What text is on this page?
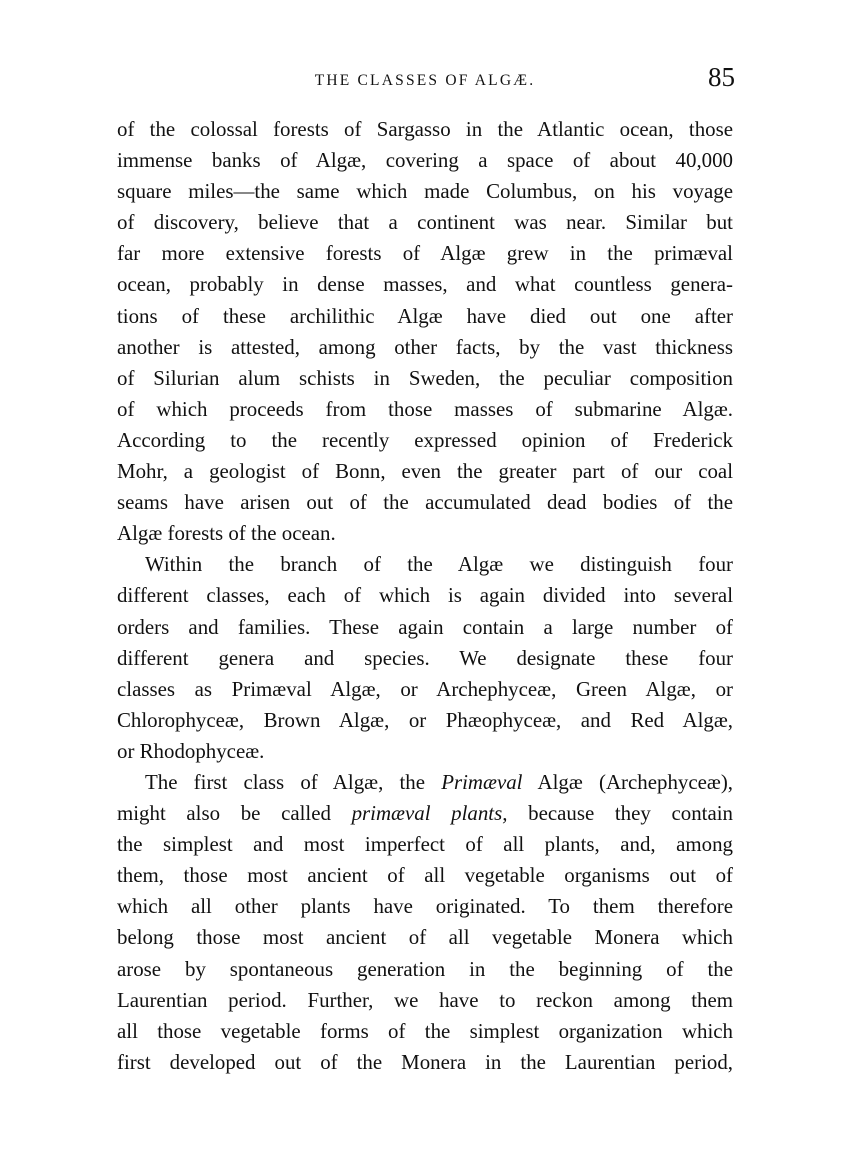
THE CLASSES OF ALGÆ.	85
of the colossal forests of Sargasso in the Atlantic ocean, those
immense banks of Algæ, covering a space of about 40,000
square miles—the same which made Columbus, on his voyage
of discovery, believe that a continent was near. Similar but
far more extensive forests of Algæ grew in the primæval
ocean, probably in dense masses, and what countless genera-
tions of these archilithic Algæ have died out one after
another is attested, among other facts, by the vast thickness
of Silurian alum schists in Sweden, the peculiar composition
of which proceeds from those masses of submarine Algæ.
According to the recently expressed opinion of Frederick
Mohr, a geologist of Bonn, even the greater part of our coal
seams have arisen out of the accumulated dead bodies of the
Algæ forests of the ocean.
Within the branch of the Algæ we distinguish four
different classes, each of which is again divided into several
orders and families. These again contain a large number of
different genera and species. We designate these four
classes as Primæval Algæ, or Archephyceæ, Green Algæ, or
Chlorophyceæ, Brown Algæ, or Phæophyceæ, and Red Algæ,
or Rhodophyceæ.
The first class of Algæ, the Primæval Algæ (Archephyceæ),
might also be called primæval plants, because they contain
the simplest and most imperfect of all plants, and, among
them, those most ancient of all vegetable organisms out of
which all other plants have originated. To them therefore
belong those most ancient of all vegetable Monera which
arose by spontaneous generation in the beginning of the
Laurentian period. Further, we have to reckon among them
all those vegetable forms of the simplest organization which
first developed out of the Monera in the Laurentian period,
